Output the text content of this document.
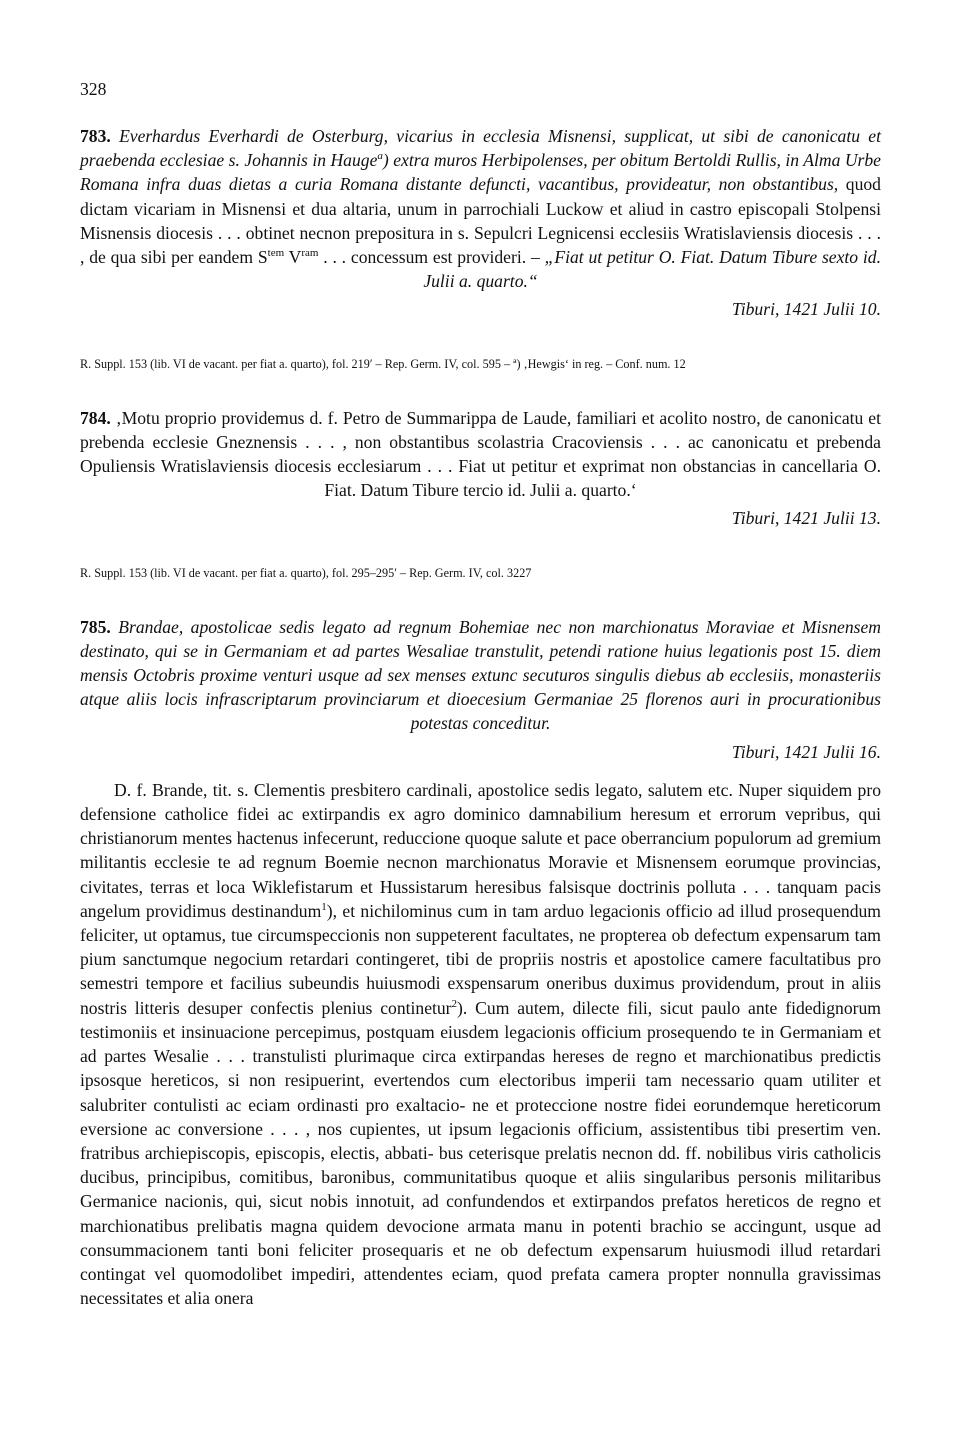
328

783. Everhardus Everhardi de Osterburg, vicarius in ecclesia Misnensi, supplicat, ut sibi de canonicatu et praebenda ecclesiae s. Johannis in Hauge$^a$) extra muros Herbipolenses, per obitum Bertoldi Rullis, in Alma Urbe Romana infra duas dietas a curia Romana distante defuncti, vacantibus, provideatur, non obstantibus, quod dictam vicariam in Misnensi et dua altaria, unum in parrochiali Luckow et aliud in castro episcopali Stolpensi Misnensis diocesis . . . obtinet necnon prepositura in s. Sepulcri Legnicensi ecclesiis Wratislaviensis diocesis . . . , de qua sibi per eandem $S^{tem}$ $V^{ram}$ . . . concessum est provideri. – „Fiat ut petitur O. Fiat. Datum Tibure sexto id. Julii a. quarto.“

Tiburi, 1421 Julii 10.

R. Suppl. 153 (lib. VI de vacant. per fiat a. quarto), fol. 219′ – Rep. Germ. IV, col. 595 – ª) ‚Hewgis‘ in reg. – Conf. num. 12

784. ‚Motu proprio providemus d. f. Petro de Summarippa de Laude, familiari et acolito nostro, de canonicatu et prebenda ecclesie Gneznensis . . . , non obstantibus scolastria Cracoviensis . . . ac canonicatu et prebenda Opuliensis Wratislaviensis diocesis ecclesiarum . . . Fiat ut petitur et exprimat non obstancias in cancellaria O. Fiat. Datum Tibure tercio id. Julii a. quarto.‘

Tiburi, 1421 Julii 13.

R. Suppl. 153 (lib. VI de vacant. per fiat a. quarto), fol. 295–295′ – Rep. Germ. IV, col. 3227

785. Brandae, apostolicae sedis legato ad regnum Bohemiae nec non marchionatus Moraviae et Misnensem destinato, qui se in Germaniam et ad partes Wesaliae transtulit, petendi ratione huius legationis post 15. diem mensis Octobris proxime venturi usque ad sex menses extunc secuturos singulis diebus ab ecclesiis, monasteriis atque aliis locis infrascriptarum provinciarum et dioecesium Germaniae 25 florenos auri in procurationibus potestas conceditur.

Tiburi, 1421 Julii 16.

D. f. Brande, tit. s. Clementis presbitero cardinali, apostolice sedis legato, salutem etc. Nuper siquidem pro defensione catholice fidei ac extirpandis ex agro dominico damnabilium heresum et errorum vepribus, qui christianorum mentes hactenus infecerunt, reduccione quoque salute et pace oberrancium populorum ad gremium militantis ecclesie te ad regnum Boemie necnon marchionatus Moravie et Misnensem eorumque provincias, civitates, terras et loca Wiklefistarum et Hussistarum heresibus falsisque doctrinis polluta . . . tanquam pacis angelum providimus destinandum$^1$), et nichilominus cum in tam arduo legacionis officio ad illud prosequendum feliciter, ut optamus, tue circumspeccionis non suppeterent facultates, ne propterea ob defectum expensarum tam pium sanctumque negocium retardari contingeret, tibi de propriis nostris et apostolice camere facultatibus pro semestri tempore et facilius subeundis huiusmodi exspensarum oneribus duximus providendum, prout in aliis nostris litteris desuper confectis plenius continetur$^2$). Cum autem, dilecte fili, sicut paulo ante fidedignorum testimoniis et insinuacione percepimus, postquam eiusdem legacionis officium prosequendo te in Germaniam et ad partes Wesalie . . . transtulisti plurimaque circa extirpandas hereses de regno et marchionatibus predictis ipsosque hereticos, si non resipuerint, evertendos cum electoribus imperii tam necessario quam utiliter et salubriter contulisti ac eciam ordinasti pro exaltacio- ne et proteccione nostre fidei eorundemque hereticorum eversione ac conversione . . . , nos cupientes, ut ipsum legacionis officium, assistentibus tibi presertim ven. fratribus archiepiscopis, episcopis, electis, abbati- bus ceterisque prelatis necnon dd. ff. nobilibus viris catholicis ducibus, principibus, comitibus, baronibus, communitatibus quoque et aliis singularibus personis militaribus Germanice nacionis, qui, sicut nobis innotuit, ad confundendos et extirpandos prefatos hereticos de regno et marchionatibus prelibatis magna quidem devocione armata manu in potenti brachio se accingunt, usque ad consummacionem tanti boni feliciter prosequaris et ne ob defectum expensarum huiusmodi illud retardari contingat vel quomodolibet impediri, attendentes eciam, quod prefata camera propter nonnulla gravissimas necessitates et alia onera
